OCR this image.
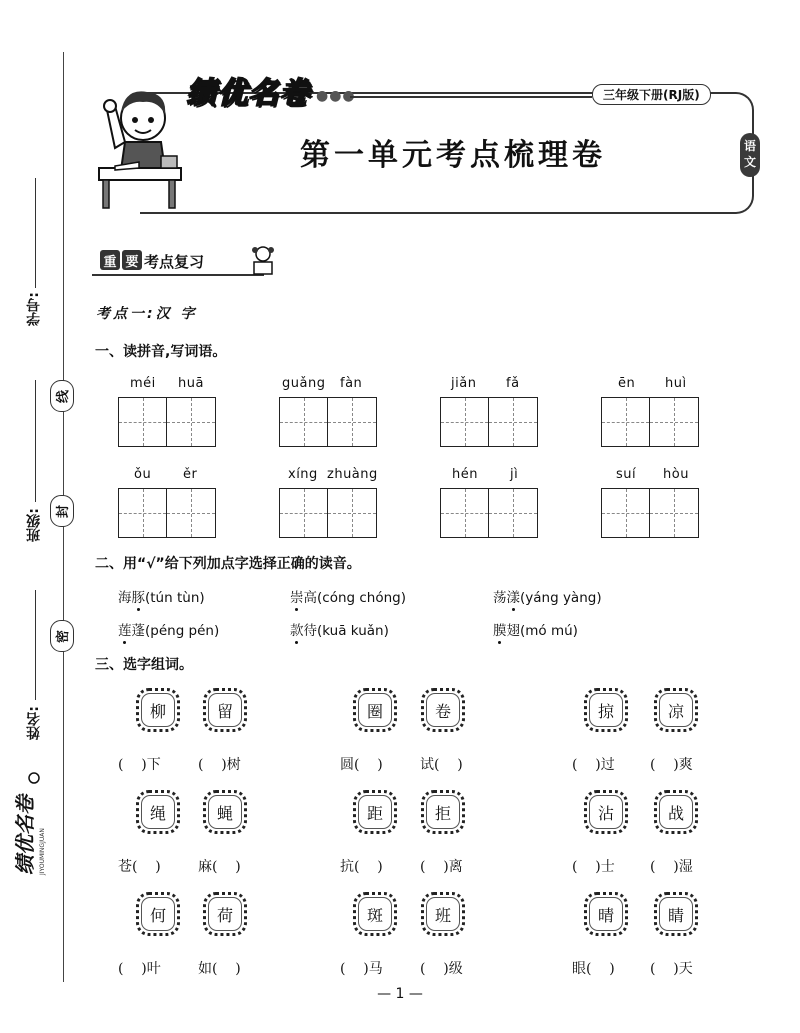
学号:
班级:
姓名:
线
封
密
绩优名卷 JIYOUMINGJUAN
绩优名卷 ●●●	三年级下册(RJ版)
第一单元考点梳理卷	语
文
重 要 考点复习
考点一:汉 字
一、读拼音,写词语。
méi huā	guǎng fàn	jiǎn fǎ	ēn huì
ǒu ěr	xíng zhuàng	hén jì	suí hòu
二、用“√”给下列加点字选择正确的读音。
海豚(tún tùn)	崇高(cóng chóng)	荡漾(yáng yàng)
莲蓬(péng pén)	款待(kuā kuǎn)	膜翅(mó mú)
三、选字组词。
柳	留
(    )下	(    )树
圈	卷
圆(    )	试(    )
掠	凉
(    )过	(    )爽
绳	蝇
苍(    )	麻(    )
距	拒
抗(    )	(    )离
沾	战
(    )士	(    )湿
何	荷
(    )叶	如(    )
斑	班
(    )马	(    )级
晴	睛
眼(    )	(    )天
— 1 —
